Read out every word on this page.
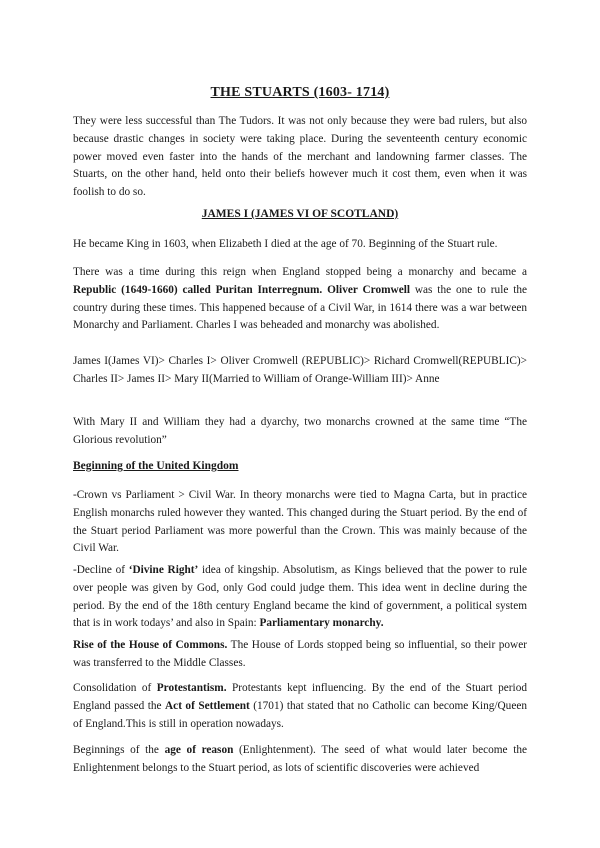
THE STUARTS (1603- 1714)
They were less successful than The Tudors. It was not only because they were bad rulers, but also because drastic changes in society were taking place. During the seventeenth century economic power moved even faster into the hands of the merchant and landowning farmer classes. The Stuarts, on the other hand, held onto their beliefs however much it cost them, even when it was foolish to do so.
JAMES I (JAMES VI OF SCOTLAND)
He became King in 1603, when Elizabeth I died at the age of 70. Beginning of the Stuart rule.
There was a time during this reign when England stopped being a monarchy and became a Republic (1649-1660) called Puritan Interregnum. Oliver Cromwell was the one to rule the country during these times. This happened because of a Civil War, in 1614 there was a war between Monarchy and Parliament. Charles I was beheaded and monarchy was abolished.
James I(James VI)> Charles I> Oliver Cromwell (REPUBLIC)> Richard Cromwell(REPUBLIC)> Charles II> James II> Mary II(Married to William of Orange-William III)> Anne
With Mary II and William they had a dyarchy, two monarchs crowned at the same time “The Glorious revolution”
Beginning of the United Kingdom
-Crown vs Parliament > Civil War. In theory monarchs were tied to Magna Carta, but in practice English monarchs ruled however they wanted. This changed during the Stuart period. By the end of the Stuart period Parliament was more powerful than the Crown. This was mainly because of the Civil War.
-Decline of ‘Divine Right’ idea of kingship. Absolutism, as Kings believed that the power to rule over people was given by God, only God could judge them. This idea went in decline during the period. By the end of the 18th century England became the kind of government, a political system that is in work todays’ and also in Spain: Parliamentary monarchy.
Rise of the House of Commons. The House of Lords stopped being so influential, so their power was transferred to the Middle Classes.
Consolidation of Protestantism. Protestants kept influencing. By the end of the Stuart period England passed the Act of Settlement (1701) that stated that no Catholic can become King/Queen of England.This is still in operation nowadays.
Beginnings of the age of reason (Enlightenment). The seed of what would later become the Enlightenment belongs to the Stuart period, as lots of scientific discoveries were achieved
